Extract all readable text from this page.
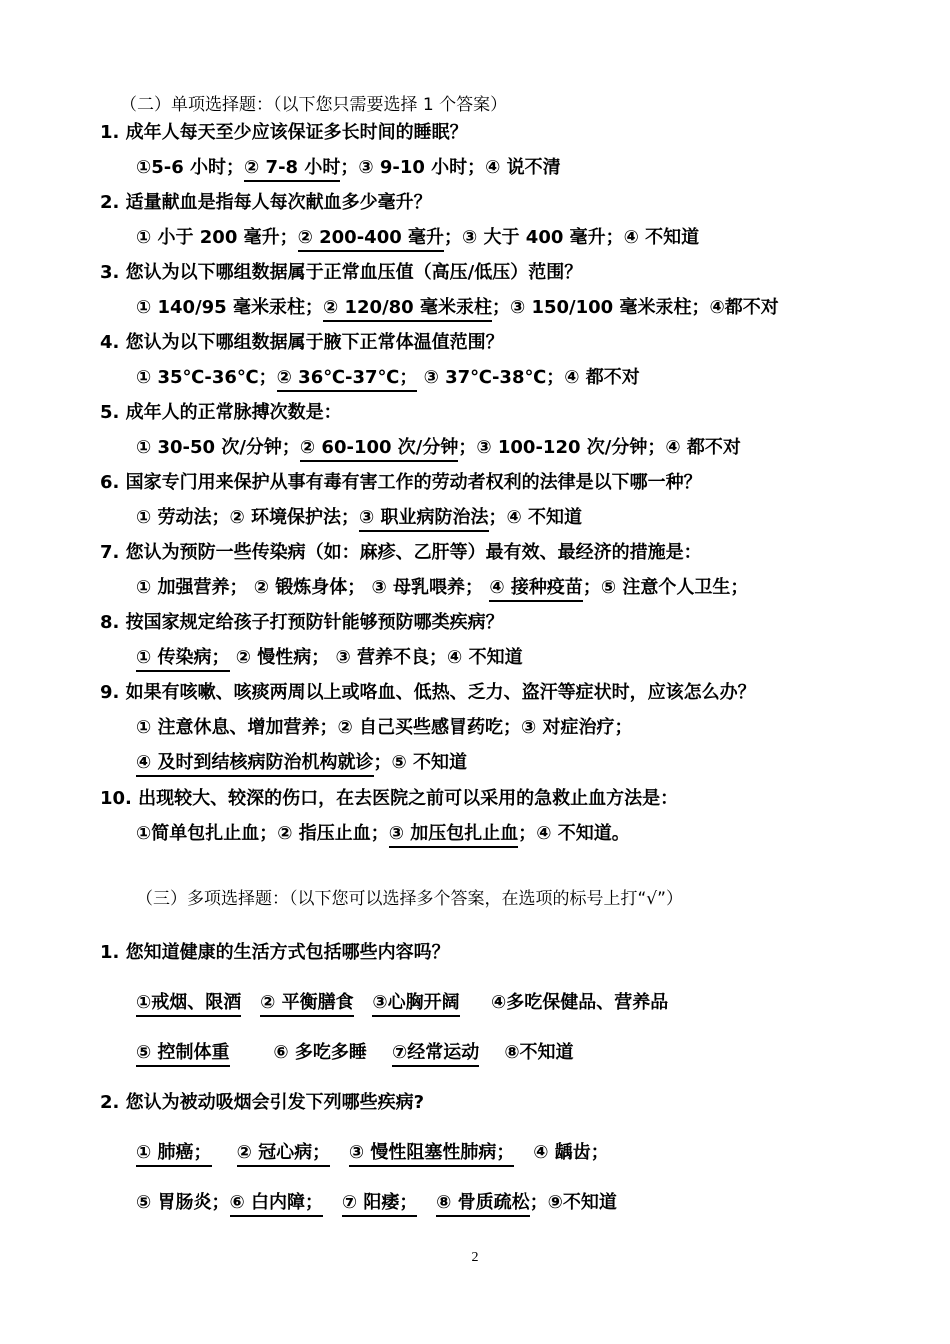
（二）单项选择题：（以下您只需要选择 1 个答案）
1. 成年人每天至少应该保证多长时间的睡眠？
①5-6 小时；② 7-8 小时；③ 9-10 小时；④ 说不清
2. 适量献血是指每人每次献血多少毫升？
① 小于 200 毫升；② 200-400 毫升；③ 大于 400 毫升；④ 不知道
3. 您认为以下哪组数据属于正常血压值（高压/低压）范围？
① 140/95 毫米汞柱；② 120/80 毫米汞柱；③ 150/100 毫米汞柱；④都不对
4. 您认为以下哪组数据属于腋下正常体温值范围？
① 35℃-36℃；② 36℃-37℃； ③ 37℃-38℃；④ 都不对
5. 成年人的正常脉搏次数是：
① 30-50 次/分钟；② 60-100 次/分钟；③ 100-120 次/分钟；④ 都不对
6. 国家专门用来保护从事有毒有害工作的劳动者权利的法律是以下哪一种？
① 劳动法；② 环境保护法；③ 职业病防治法；④ 不知道
7. 您认为预防一些传染病（如：麻疹、乙肝等）最有效、最经济的措施是：
① 加强营养； ② 锻炼身体； ③ 母乳喂养； ④ 接种疫苗；⑤ 注意个人卫生；
8. 按国家规定给孩子打预防针能够预防哪类疾病？
① 传染病； ② 慢性病； ③ 营养不良；④ 不知道
9. 如果有咳嗽、咳痰两周以上或咯血、低热、乏力、盗汗等症状时，应该怎么办？
① 注意休息、增加营养；② 自己买些感冒药吃；③ 对症治疗；
④ 及时到结核病防治机构就诊；⑤ 不知道
10. 出现较大、较深的伤口，在去医院之前可以采用的急救止血方法是：
①简单包扎止血；② 指压止血；③ 加压包扎止血；④ 不知道。
（三）多项选择题：（以下您可以选择多个答案，在选项的标号上打“√”）
1. 您知道健康的生活方式包括哪些内容吗？
①戒烟、限酒 ② 平衡膳食 ③心胸开阔 ④多吃保健品、营养品
⑤ 控制体重 ⑥ 多吃多睡 ⑦经常运动 ⑧不知道
2. 您认为被动吸烟会引发下列哪些疾病?
① 肺癌； ② 冠心病； ③ 慢性阻塞性肺病； ④ 龋齿；
⑤ 胃肠炎；⑥ 白内障； ⑦ 阳痿； ⑧ 骨质疏松；⑨不知道
2
